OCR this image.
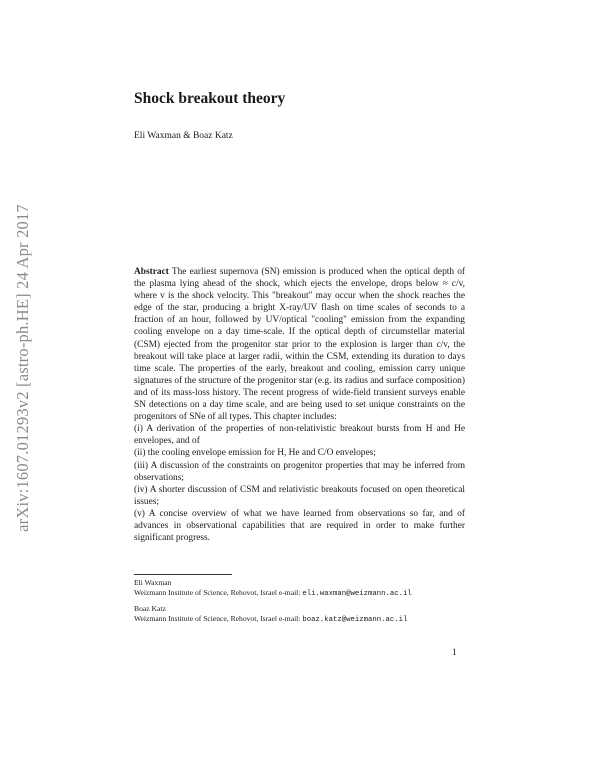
arXiv:1607.01293v2 [astro-ph.HE] 24 Apr 2017
Shock breakout theory
Eli Waxman & Boaz Katz

Abstract The earliest supernova (SN) emission is produced when the optical depth of the plasma lying ahead of the shock, which ejects the envelope, drops below ≈ c/v, where v is the shock velocity. This "breakout" may occur when the shock reaches the edge of the star, producing a bright X-ray/UV flash on time scales of seconds to a fraction of an hour, followed by UV/optical "cooling" emission from the expanding cooling envelope on a day time-scale. If the optical depth of circumstellar material (CSM) ejected from the progenitor star prior to the explosion is larger than c/v, the breakout will take place at larger radii, within the CSM, extending its duration to days time scale. The properties of the early, breakout and cooling, emission carry unique signatures of the structure of the progenitor star (e.g. its radius and surface composition) and of its mass-loss history. The recent progress of wide-field transient surveys enable SN detections on a day time scale, and are being used to set unique constraints on the progenitors of SNe of all types. This chapter includes:

(i) A derivation of the properties of non-relativistic breakout bursts from H and He envelopes, and of

(ii) the cooling envelope emission for H, He and C/O envelopes;

(iii) A discussion of the constraints on progenitor properties that may be inferred from observations;

(iv) A shorter discussion of CSM and relativistic breakouts focused on open theoretical issues;

(v) A concise overview of what we have learned from observations so far, and of advances in observational capabilities that are required in order to make further significant progress.

Eli Waxman
Weizmann Institute of Science, Rehovot, Israel e-mail: eli.waxman@weizmann.ac.il
Boaz Katz
Weizmann Institute of Science, Rehovot, Israel e-mail: boaz.katz@weizmann.ac.il
1
